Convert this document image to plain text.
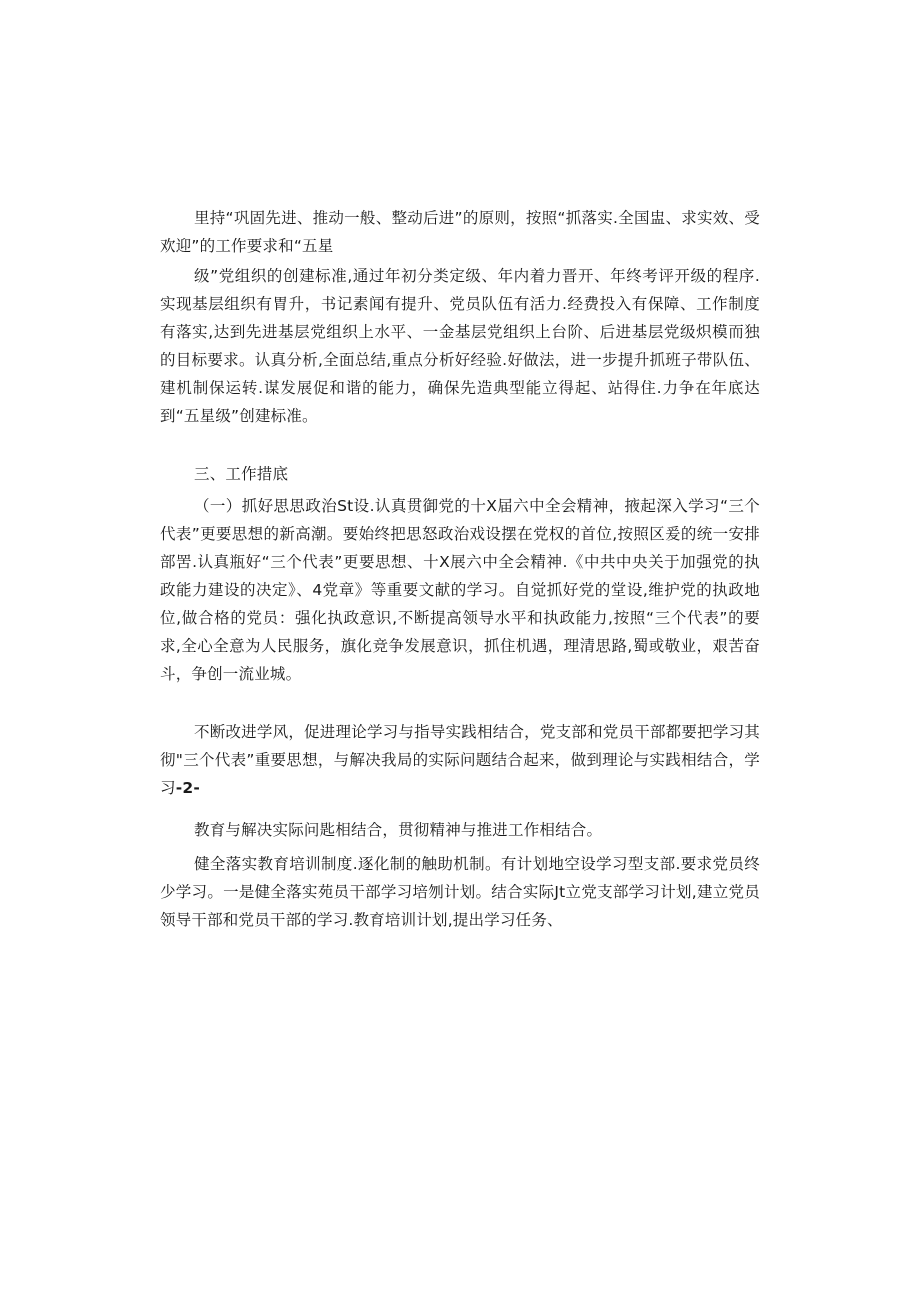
里持“巩固先进、推动一般、整动后进”的原则，按照“抓落实.全国盅、求实效、受欢迎”的工作要求和“五星

级”党组织的创建标准,通过年初分类定级、年内着力晋开、年终考评开级的程序.实现基层组织有胃升，书记素闻有提升、党员队伍有活力.经费投入有保障、工作制度有落实,达到先进基层党组织上水平、一金基层党组织上台阶、后进基层党级炽模而独的目标要求。认真分析,全面总结,重点分析好经验.好做法，进一步提升抓班子带队伍、建机制保运转.谋发展促和谐的能力，确保先造典型能立得起、站得住.力争在年底达到“五星级”创建标准。

三、工作措底

（一）抓好思思政治St设.认真贯御党的十X届六中全会精神，掖起深入学习“三个代表”更要思想的新高潮。要始终把思怒政治戏设摆在党权的首位,按照区爰的统一安排部罟.认真瓶好“三个代表”更要思想、十X展六中全会精神.《中共中央关于加强党的执政能力建设的决定》、4党章》等重要文献的学习。自觉抓好党的堂设,维护党的执政地位,做合格的党员：强化执政意识,不断提高领导水平和执政能力,按照“三个代表”的要求,全心全意为人民服务，旗化竞争发展意识，抓住机遇，理清思路,蜀或敬业，艰苦奋斗，争创一流业城。

不断改进学风，促进理论学习与指导实践相结合，党支部和党员干部都要把学习其彻"三个代表”重要思想，与解决我局的实际问题结合起来，做到理论与实践相结合，学习-2-

教育与解决实际问匙相结合，贯彻精神与推进工作相结合。

健全落实教育培训制度.逐化制的触助机制。有计划地空设学习型支部.要求党员终少学习。一是健全落实苑员干部学习培刎计划。结合实际Jt立党支部学习计划,建立党员领导干部和党员干部的学习.教育培训计划,提出学习任务、
